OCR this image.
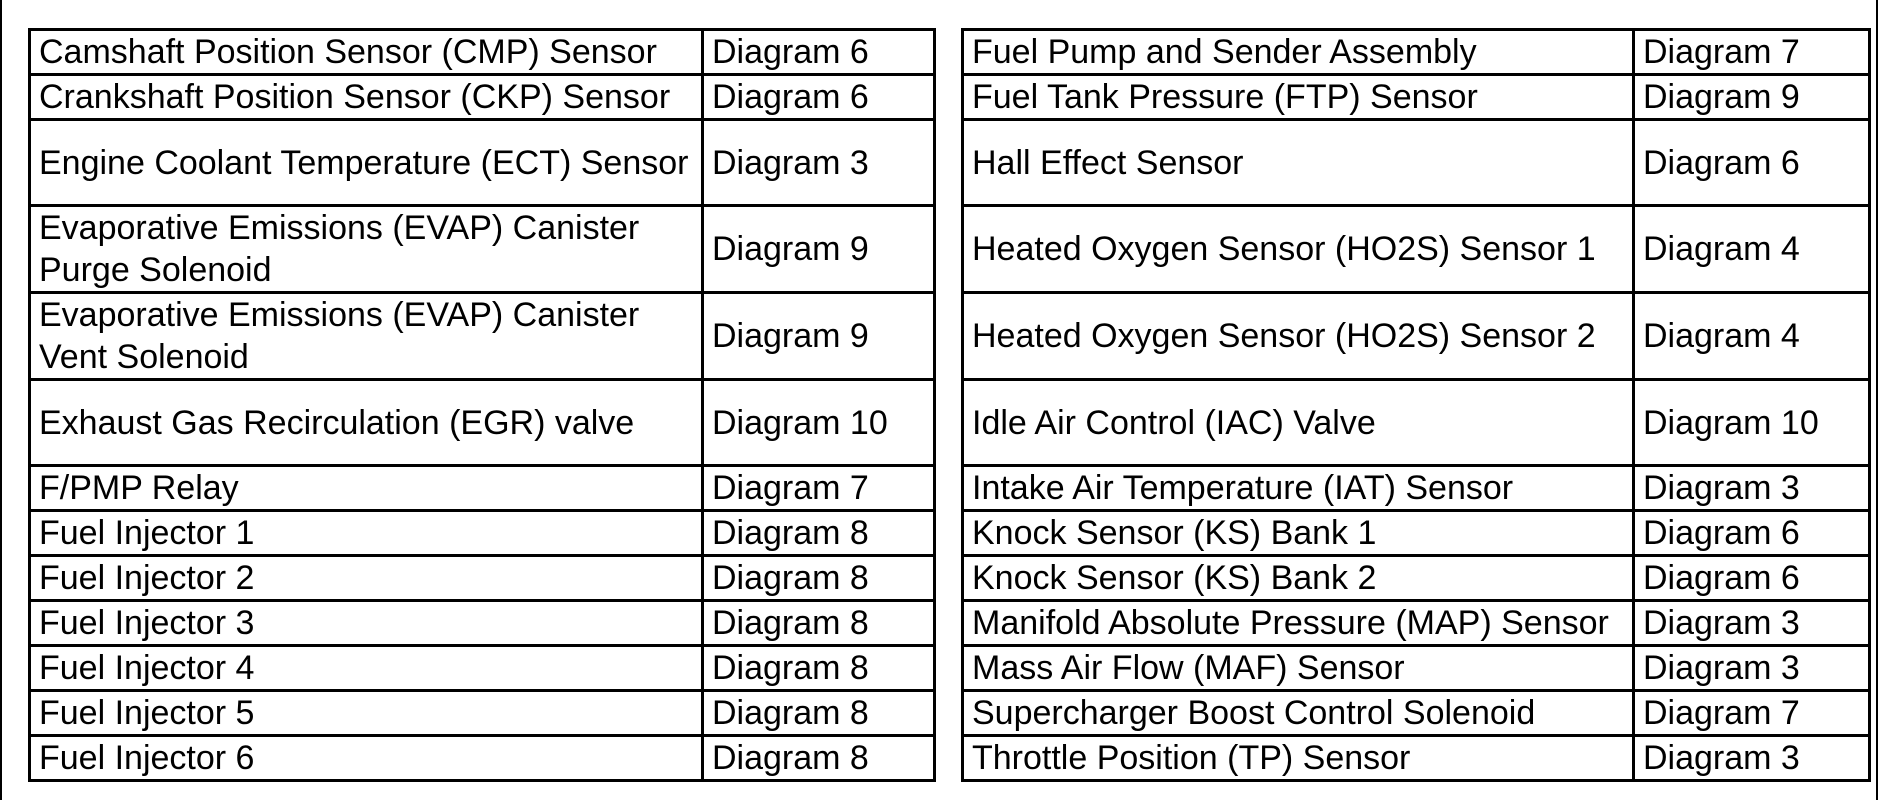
Camshaft Position Sensor (CMP) Sensor	Diagram 6		Fuel Pump and Sender Assembly	Diagram 7
Crankshaft Position Sensor (CKP) Sensor	Diagram 6		Fuel Tank Pressure (FTP) Sensor	Diagram 9
Engine Coolant Temperature (ECT) Sensor	Diagram 3		Hall Effect Sensor	Diagram 6
Evaporative Emissions (EVAP) Canister Purge Solenoid	Diagram 9		Heated Oxygen Sensor (HO2S) Sensor 1	Diagram 4
Evaporative Emissions (EVAP) Canister Vent Solenoid	Diagram 9		Heated Oxygen Sensor (HO2S) Sensor 2	Diagram 4
Exhaust Gas Recirculation (EGR) valve	Diagram 10		Idle Air Control (IAC) Valve	Diagram 10
F/PMP Relay	Diagram 7		Intake Air Temperature (IAT) Sensor	Diagram 3
Fuel Injector 1	Diagram 8		Knock Sensor (KS) Bank 1	Diagram 6
Fuel Injector 2	Diagram 8		Knock Sensor (KS) Bank 2	Diagram 6
Fuel Injector 3	Diagram 8		Manifold Absolute Pressure (MAP) Sensor	Diagram 3
Fuel Injector 4	Diagram 8		Mass Air Flow (MAF) Sensor	Diagram 3
Fuel Injector 5	Diagram 8		Supercharger Boost Control Solenoid	Diagram 7
Fuel Injector 6	Diagram 8		Throttle Position (TP) Sensor	Diagram 3
